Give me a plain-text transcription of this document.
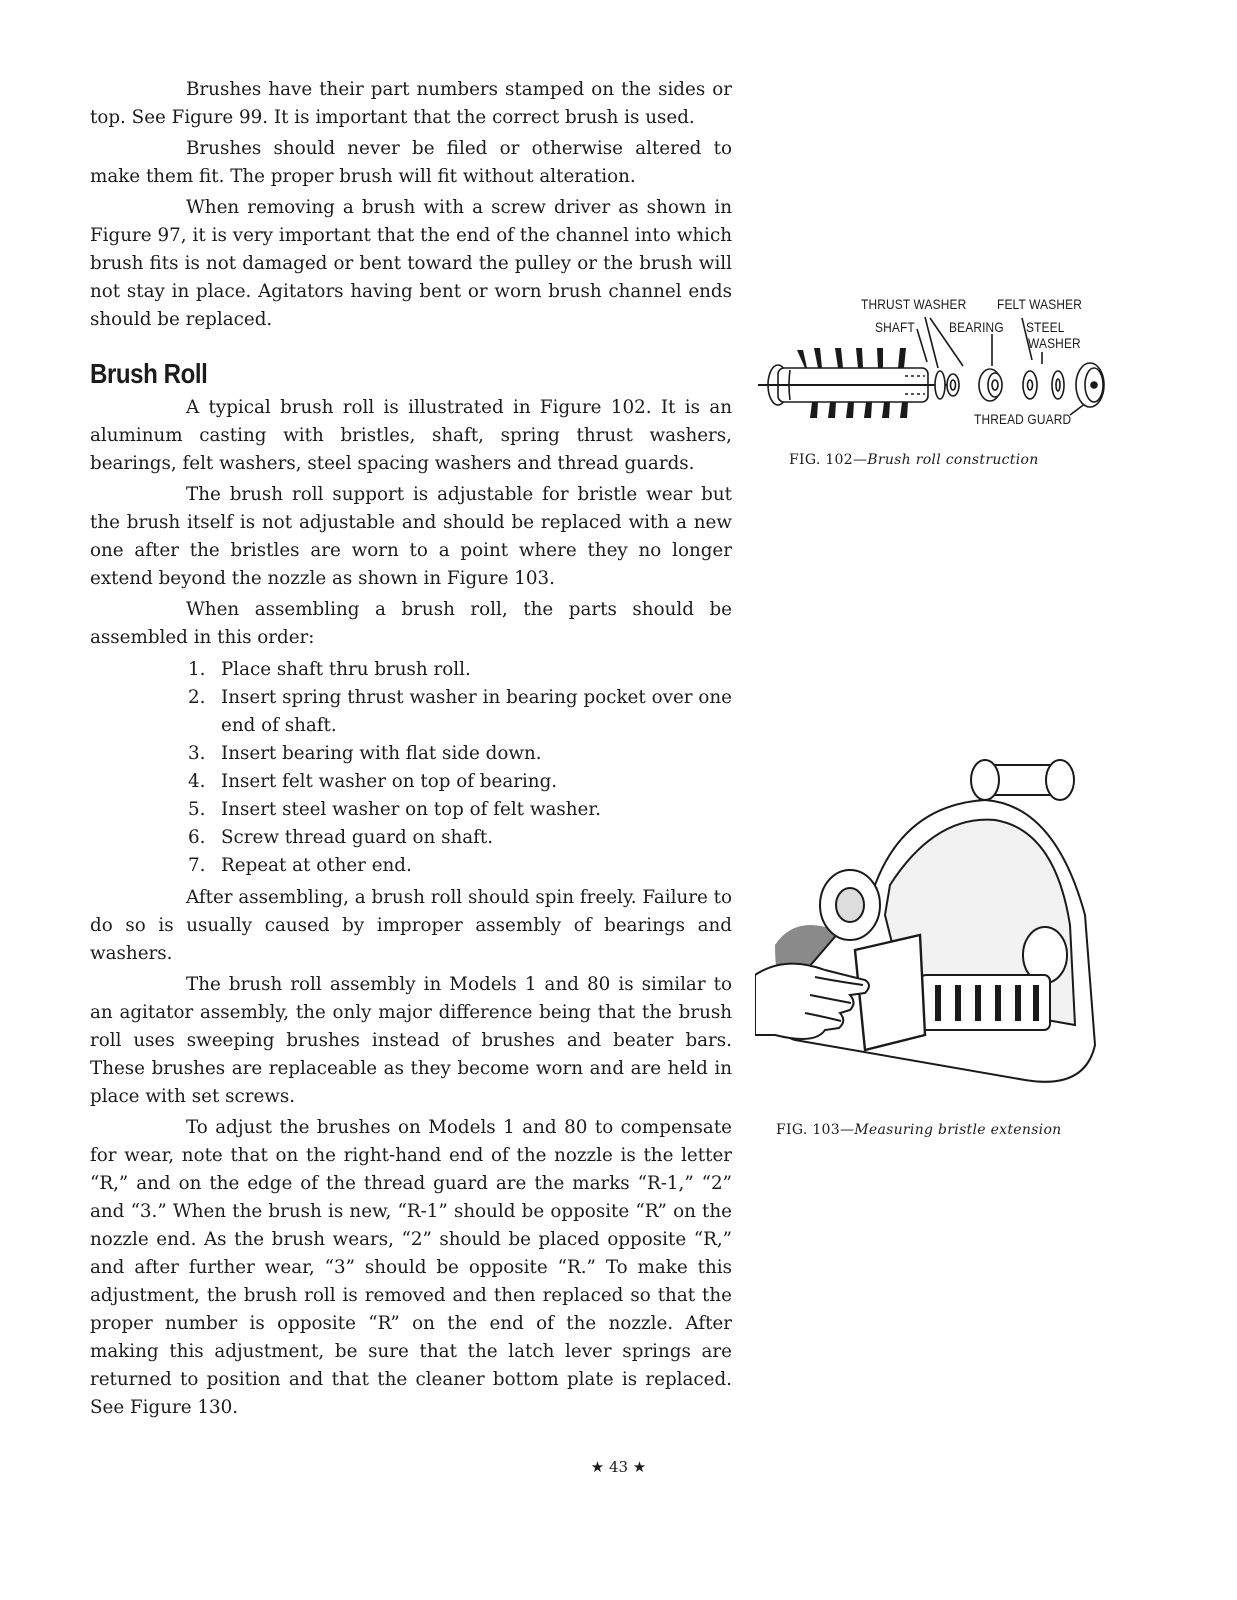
Brushes have their part numbers stamped on the sides or top. See Figure 99. It is important that the correct brush is used.

Brushes should never be filed or otherwise altered to make them fit. The proper brush will fit without alteration.

When removing a brush with a screw driver as shown in Figure 97, it is very important that the end of the channel into which brush fits is not damaged or bent toward the pulley or the brush will not stay in place. Agitators having bent or worn brush channel ends should be replaced.

Brush Roll

A typical brush roll is illustrated in Figure 102. It is an aluminum casting with bristles, shaft, spring thrust washers, bearings, felt washers, steel spacing washers and thread guards.

The brush roll support is adjustable for bristle wear but the brush itself is not adjustable and should be replaced with a new one after the bristles are worn to a point where they no longer extend beyond the nozzle as shown in Figure 103.

When assembling a brush roll, the parts should be assembled in this order:

1. Place shaft thru brush roll.
2. Insert spring thrust washer in bearing pocket over one end of shaft.
3. Insert bearing with flat side down.
4. Insert felt washer on top of bearing.
5. Insert steel washer on top of felt washer.
6. Screw thread guard on shaft.
7. Repeat at other end.

After assembling, a brush roll should spin freely. Failure to do so is usually caused by improper assembly of bearings and washers.

The brush roll assembly in Models 1 and 80 is similar to an agitator assembly, the only major difference being that the brush roll uses sweeping brushes instead of brushes and beater bars. These brushes are replaceable as they become worn and are held in place with set screws.

To adjust the brushes on Models 1 and 80 to compensate for wear, note that on the right-hand end of the nozzle is the letter “R,” and on the edge of the thread guard are the marks “R-1,” “2” and “3.” When the brush is new, “R-1” should be opposite “R” on the nozzle end. As the brush wears, “2” should be placed opposite “R,” and after further wear, “3” should be opposite “R.” To make this adjustment, the brush roll is removed and then replaced so that the proper number is opposite “R” on the end of the nozzle. After making this adjustment, be sure that the latch lever springs are returned to position and that the cleaner bottom plate is replaced. See Figure 130.

THRUST WASHER FELT WASHER
SHAFT BEARING STEEL
WASHER
THREAD GUARD
FIG. 102—Brush roll construction
FIG. 103—Measuring bristle extension
★ 43 ★
